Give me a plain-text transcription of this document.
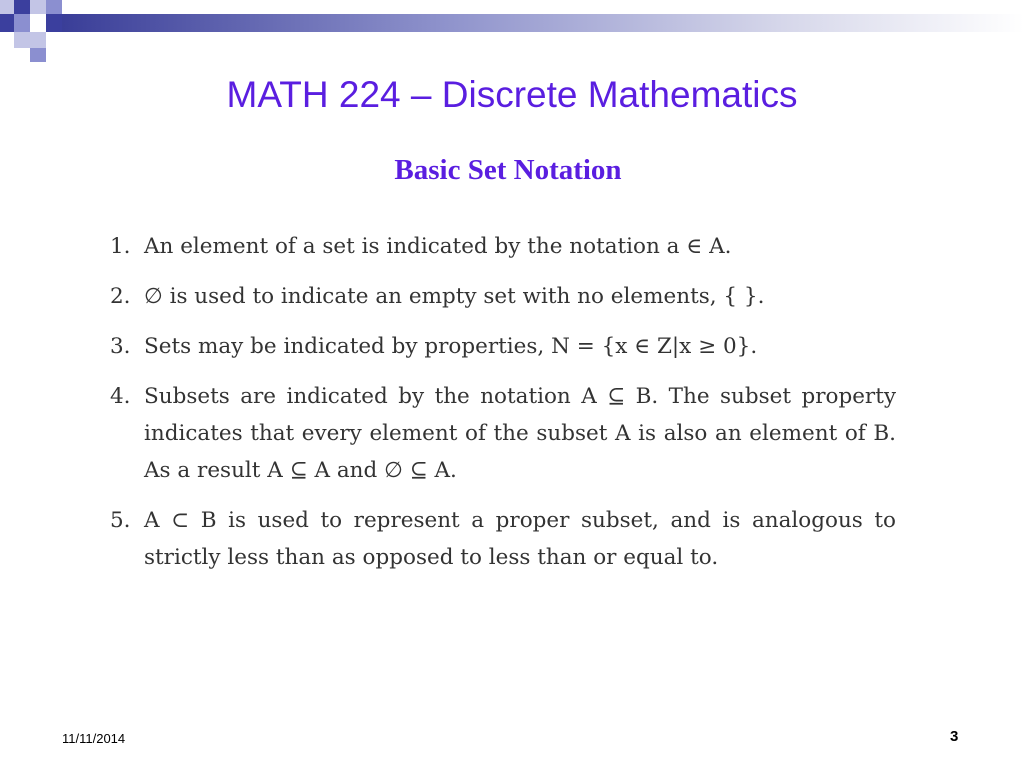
MATH 224 – Discrete Mathematics
Basic Set Notation
1. An element of a set is indicated by the notation a ∈ A.
2. ∅ is used to indicate an empty set with no elements, { }.
3. Sets may be indicated by properties, N = {x ∈ Z|x ≥ 0}.
4. Subsets are indicated by the notation A ⊆ B. The subset property indicates that every element of the subset A is also an element of B. As a result A ⊆ A and ∅ ⊆ A.
5. A ⊂ B is used to represent a proper subset, and is analogous to strictly less than as opposed to less than or equal to.
11/11/2014	3
